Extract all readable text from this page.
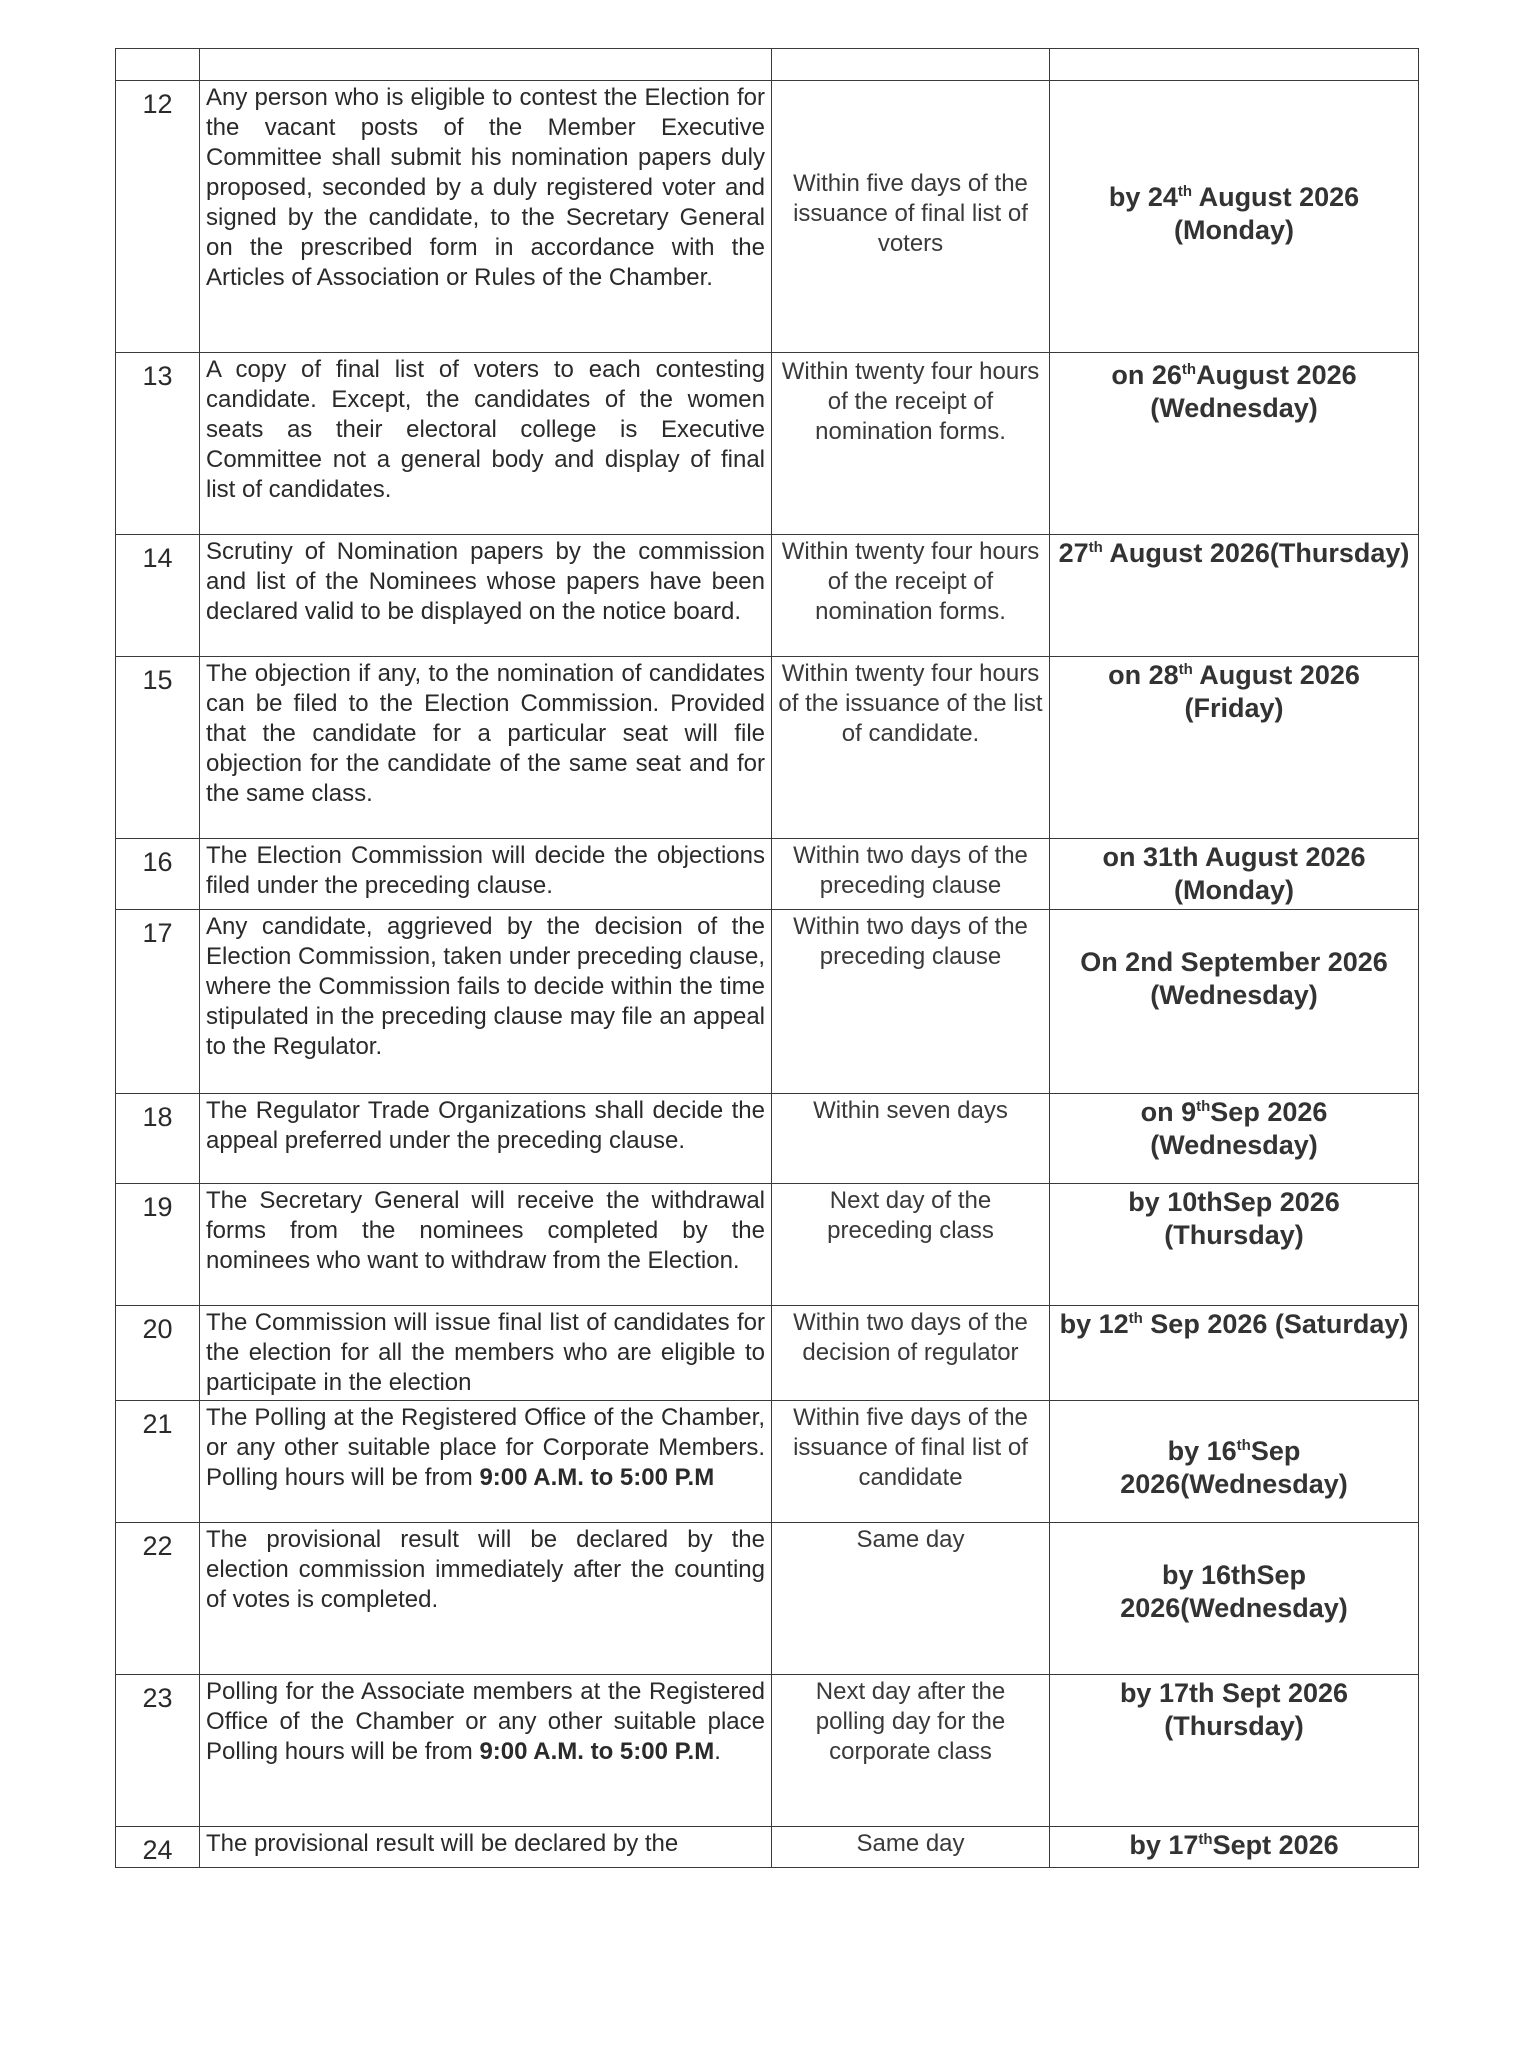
12	Any person who is eligible to contest the Election for the vacant posts of the Member Executive Committee shall submit his nomination papers duly proposed, seconded by a duly registered voter and signed by the candidate, to the Secretary General on the prescribed form in accordance with the Articles of Association or Rules of the Chamber.	Within five days of the issuance of final list of voters	by 24th August 2026 (Monday)
13	A copy of final list of voters to each contesting candidate. Except, the candidates of the women seats as their electoral college is Executive Committee not a general body and display of final list of candidates.	Within twenty four hours of the receipt of nomination forms.	on 26thAugust 2026 (Wednesday)
14	Scrutiny of Nomination papers by the commission and list of the Nominees whose papers have been declared valid to be displayed on the notice board.	Within twenty four hours of the receipt of nomination forms.	27th August 2026(Thursday)
15	The objection if any, to the nomination of candidates can be filed to the Election Commission. Provided that the candidate for a particular seat will file objection for the candidate of the same seat and for the same class.	Within twenty four hours of the issuance of the list of candidate.	on 28th August 2026 (Friday)
16	The Election Commission will decide the objections filed under the preceding clause.	Within two days of the preceding clause	on 31th August 2026 (Monday)
17	Any candidate, aggrieved by the decision of the Election Commission, taken under preceding clause, where the Commission fails to decide within the time stipulated in the preceding clause may file an appeal to the Regulator.	Within two days of the preceding clause	On 2nd September 2026 (Wednesday)
18	The Regulator Trade Organizations shall decide the appeal preferred under the preceding clause.	Within seven days	on 9thSep 2026 (Wednesday)
19	The Secretary General will receive the withdrawal forms from the nominees completed by the nominees who want to withdraw from the Election.	Next day of the preceding class	by 10thSep 2026 (Thursday)
20	The Commission will issue final list of candidates for the election for all the members who are eligible to participate in the election	Within two days of the decision of regulator	by 12th Sep 2026 (Saturday)
21	The Polling at the Registered Office of the Chamber, or any other suitable place for Corporate Members. Polling hours will be from 9:00 A.M. to 5:00 P.M	Within five days of the issuance of final list of candidate	by 16thSep 2026(Wednesday)
22	The provisional result will be declared by the election commission immediately after the counting of votes is completed.	Same day	by 16thSep 2026(Wednesday)
23	Polling for the Associate members at the Registered Office of the Chamber or any other suitable place Polling hours will be from 9:00 A.M. to 5:00 P.M.	Next day after the polling day for the corporate class	by 17th Sept 2026 (Thursday)
24	The provisional result will be declared by the	Same day	by 17thSept 2026
